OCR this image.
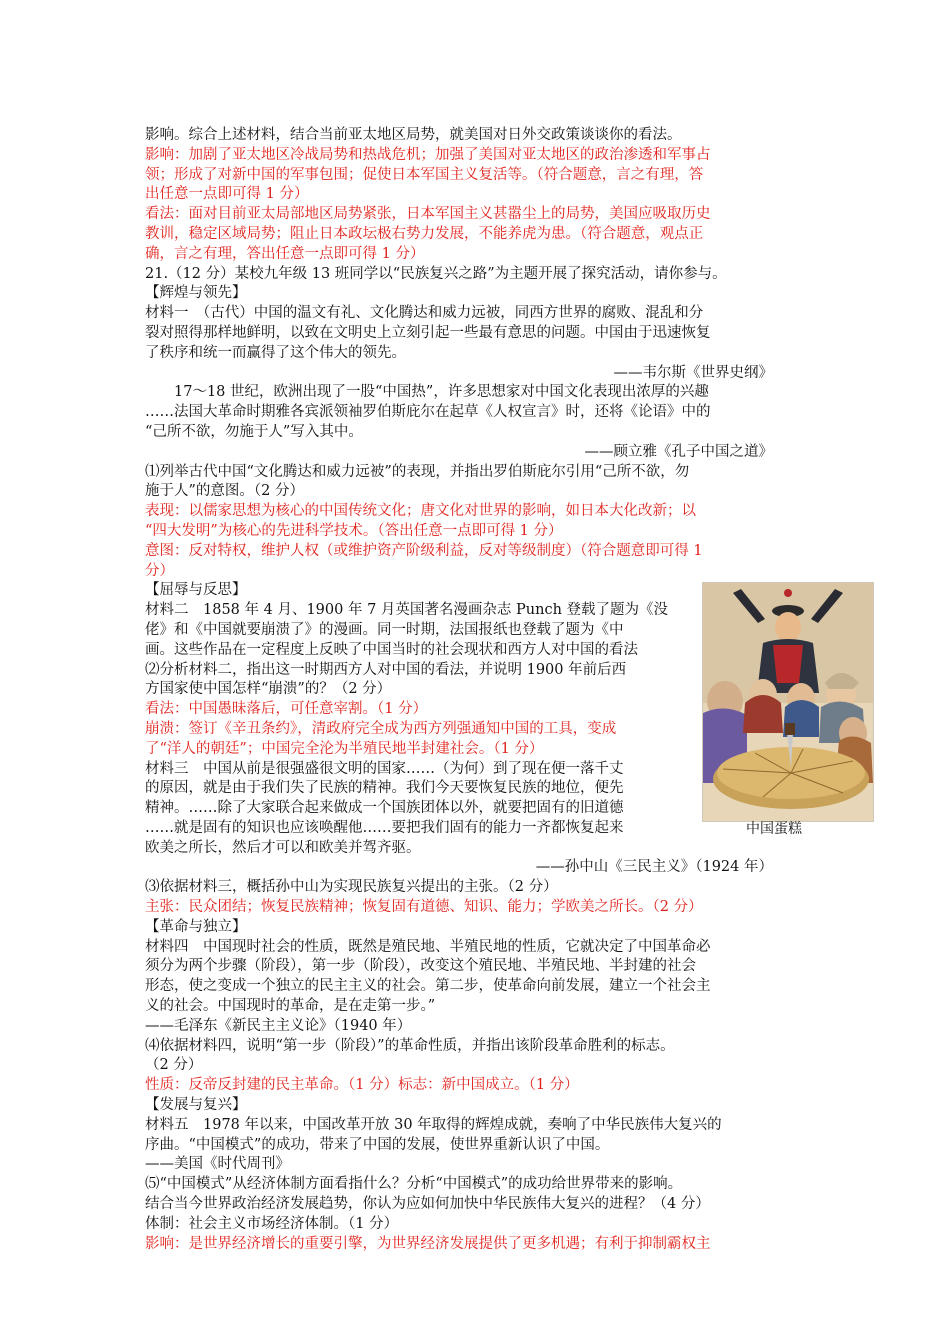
影响。综合上述材料，结合当前亚太地区局势，就美国对日外交政策谈谈你的看法。

影响：加剧了亚太地区冷战局势和热战危机；加强了美国对亚太地区的政治渗透和军事占

领；形成了对新中国的军事包围；促使日本军国主义复活等。（符合题意，言之有理，答

出任意一点即可得 1 分）

看法：面对目前亚太局部地区局势紧张，日本军国主义甚嚣尘上的局势，美国应吸取历史

教训，稳定区域局势；阻止日本政坛极右势力发展，不能养虎为患。（符合题意，观点正

确，言之有理，答出任意一点即可得 1 分）

21.（12 分）某校九年级 13 班同学以“民族复兴之路”为主题开展了探究活动，请你参与。

【辉煌与领先】

材料一　（古代）中国的温文有礼、文化腾达和威力远被，同西方世界的腐败、混乱和分

裂对照得那样地鲜明，以致在文明史上立刻引起一些最有意思的问题。中国由于迅速恢复

了秩序和统一而赢得了这个伟大的领先。

——韦尔斯《世界史纲》

17～18 世纪，欧洲出现了一股“中国热”，许多思想家对中国文化表现出浓厚的兴趣

……法国大革命时期雅各宾派领袖罗伯斯庇尔在起草《人权宣言》时，还将《论语》中的

“己所不欲，勿施于人”写入其中。

——顾立雅《孔子中国之道》

⑴列举古代中国“文化腾达和威力远被”的表现，并指出罗伯斯庇尔引用“己所不欲，勿

施于人”的意图。（2 分）

表现：以儒家思想为核心的中国传统文化；唐文化对世界的影响，如日本大化改新；以

“四大发明”为核心的先进科学技术。（答出任意一点即可得 1 分）

意图：反对特权，维护人权（或维护资产阶级利益，反对等级制度）（符合题意即可得 1

分）

【屈辱与反思】

材料二　1858 年 4 月、1900 年 7 月英国著名漫画杂志 Punch 登载了题为《没

佬》和《中国就要崩溃了》的漫画。同一时期，法国报纸也登载了题为《中

画。这些作品在一定程度上反映了中国当时的社会现状和西方人对中国的看法

⑵分析材料二，指出这一时期西方人对中国的看法，并说明 1900 年前后西

方国家使中国怎样“崩溃”的？（2 分）

看法：中国愚昧落后，可任意宰割。（1 分）

崩溃：签订《辛丑条约》，清政府完全成为西方列强通知中国的工具，变成

了“洋人的朝廷”；中国完全沦为半殖民地半封建社会。（1 分）

材料三　中国从前是很强盛很文明的国家……（为何）到了现在便一落千丈

的原因，就是由于我们失了民族的精神。我们今天要恢复民族的地位，便先

精神。……除了大家联合起来做成一个国族团体以外，就要把固有的旧道德

……就是固有的知识也应该唤醒他……要把我们固有的能力一齐都恢复起来

欧美之所长，然后才可以和欧美并驾齐驱。

——孙中山《三民主义》（1924 年）

⑶依据材料三，概括孙中山为实现民族复兴提出的主张。（2 分）

主张：民众团结；恢复民族精神；恢复固有道德、知识、能力；学欧美之所长。（2 分）

【革命与独立】

材料四　中国现时社会的性质，既然是殖民地、半殖民地的性质，它就决定了中国革命必

须分为两个步骤（阶段），第一步（阶段），改变这个殖民地、半殖民地、半封建的社会

形态，使之变成一个独立的民主主义的社会。第二步，使革命向前发展，建立一个社会主

义的社会。中国现时的革命，是在走第一步。”

——毛泽东《新民主主义论》（1940 年）

⑷依据材料四，说明“第一步（阶段）”的革命性质，并指出该阶段革命胜利的标志。

（2 分）

性质：反帝反封建的民主革命。（1 分）标志：新中国成立。（1 分）

【发展与复兴】

材料五　1978 年以来，中国改革开放 30 年取得的辉煌成就，奏响了中华民族伟大复兴的

序曲。“中国模式”的成功，带来了中国的发展，使世界重新认识了中国。

——美国《时代周刊》

⑸“中国模式”从经济体制方面看指什么？分析“中国模式”的成功给世界带来的影响。

结合当今世界政治经济发展趋势，你认为应如何加快中华民族伟大复兴的进程？（4 分）

体制：社会主义市场经济体制。（1 分）

影响：是世界经济增长的重要引擎，为世界经济发展提供了更多机遇；有利于抑制霸权主

中国蛋糕
